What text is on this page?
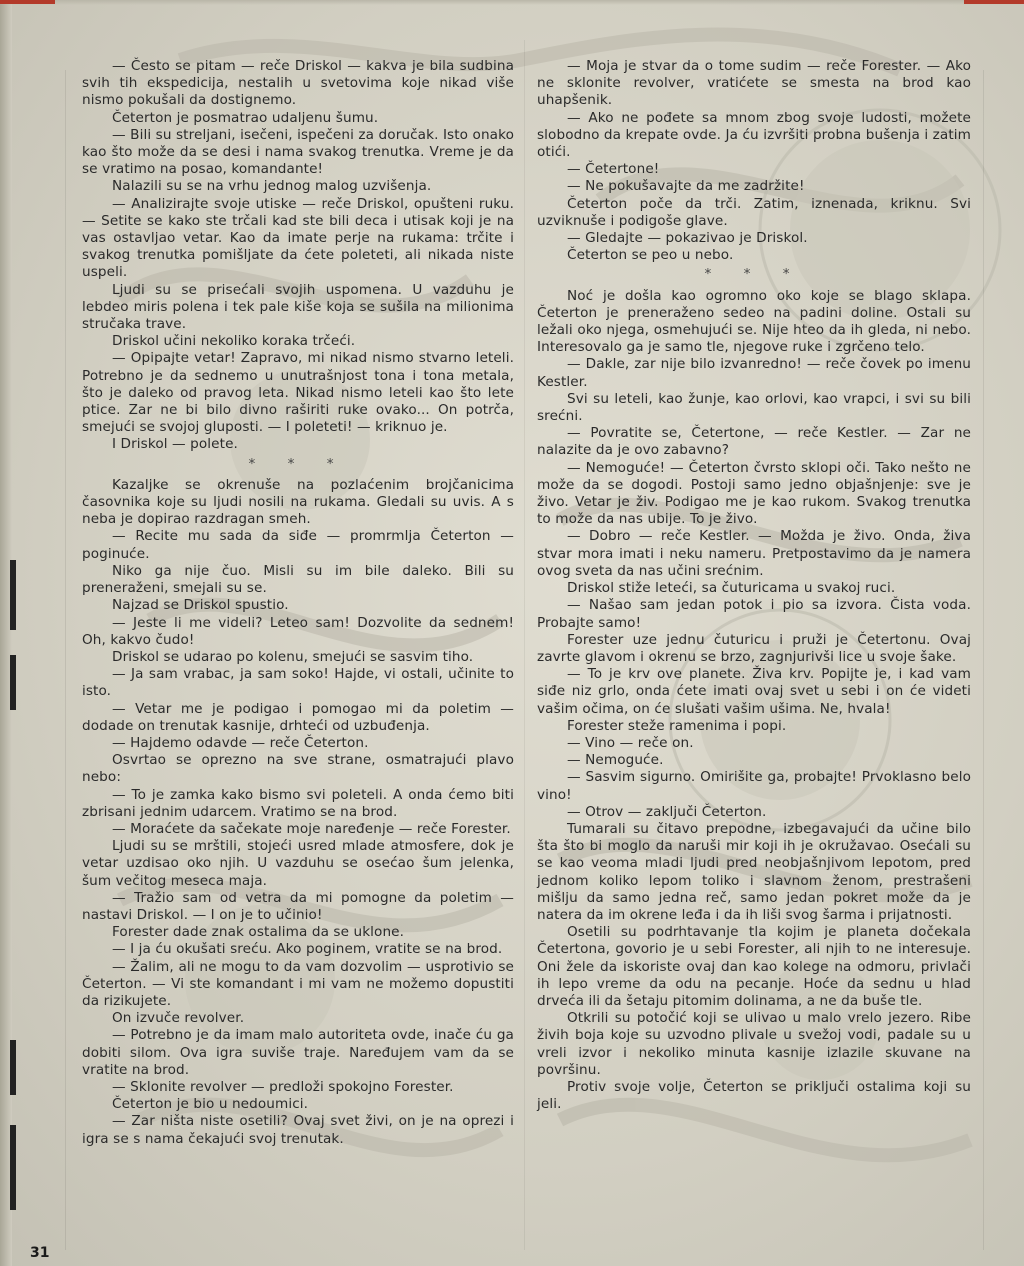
— Često se pitam — reče Driskol — kakva je bila sudbina svih tih ekspedicija, nestalih u svetovima koje nikad više nismo pokušali da dostignemo.

Četerton je posmatrao udaljenu šumu.

— Bili su streljani, isečeni, ispečeni za doručak. Isto onako kao što može da se desi i nama svakog trenutka. Vreme je da se vratimo na posao, komandante!

Nalazili su se na vrhu jednog malog uzvišenja.

— Analizirajte svoje utiske — reče Driskol, opušteni ruku. — Setite se kako ste trčali kad ste bili deca i utisak koji je na vas ostavljao vetar. Kao da imate perje na rukama: trčite i svakog trenutka pomišljate da ćete poleteti, ali nikada niste uspeli.

Ljudi su se prisećali svojih uspomena. U vazduhu je lebdeo miris polena i tek pale kiše koja se sušila na milionima stručaka trave.

Driskol učini nekoliko koraka trčeći.

— Opipajte vetar! Zapravo, mi nikad nismo stvarno leteli. Potrebno je da sednemo u unutrašnjost tona i tona metala, što je daleko od pravog leta. Nikad nismo leteli kao što lete ptice. Zar ne bi bilo divno raširiti ruke ovako... On potrča, smejući se svojoj gluposti. — I poleteti! — kriknuo je.

I Driskol — polete.

* * *

Kazaljke se okrenuše na pozlaćenim brojčanicima časovnika koje su ljudi nosili na rukama. Gledali su uvis. A s neba je dopirao razdragan smeh.

— Recite mu sada da siđe — promrmlja Četerton — poginuće.

Niko ga nije čuo. Misli su im bile daleko. Bili su preneraženi, smejali su se.

Najzad se Driskol spustio.

— Jeste li me videli? Leteo sam! Dozvolite da sednem! Oh, kakvo čudo!

Driskol se udarao po kolenu, smejući se sasvim tiho.

— Ja sam vrabac, ja sam soko! Hajde, vi ostali, učinite to isto.

— Vetar me je podigao i pomogao mi da poletim — dodade on trenutak kasnije, drhteći od uzbuđenja.

— Hajdemo odavde — reče Četerton.

Osvrtao se oprezno na sve strane, osmatrajući plavo nebo:

— To je zamka kako bismo svi poleteli. A onda ćemo biti zbrisani jednim udarcem. Vratimo se na brod.

— Moraćete da sačekate moje naređenje — reče Forester.

Ljudi su se mrštili, stojeći usred mlade atmosfere, dok je vetar uzdisao oko njih. U vazduhu se osećao šum jelenka, šum večitog meseca maja.

— Tražio sam od vetra da mi pomogne da poletim — nastavi Driskol. — I on je to učinio!

Forester dade znak ostalima da se uklone.

— I ja ću okušati sreću. Ako poginem, vratite se na brod.

— Žalim, ali ne mogu to da vam dozvolim — usprotivio se Četerton. — Vi ste komandant i mi vam ne možemo dopustiti da rizikujete.

On izvuče revolver.

— Potrebno je da imam malo autoriteta ovde, inače ću ga dobiti silom. Ova igra suviše traje. Naređujem vam da se vratite na brod.

— Sklonite revolver — predloži spokojno Forester.

Četerton je bio u nedoumici.

— Zar ništa niste osetili? Ovaj svet živi, on je na oprezi i igra se s nama čekajući svoj trenutak.

— Moja je stvar da o tome sudim — reče Forester. — Ako ne sklonite revolver, vratićete se smesta na brod kao uhapšenik.

— Ako ne pođete sa mnom zbog svoje ludosti, možete slobodno da krepate ovde. Ja ću izvršiti probna bušenja i zatim otići.

— Četertone!

— Ne pokušavajte da me zadržite!

Četerton poče da trči. Zatim, iznenada, kriknu. Svi uzviknuše i podigoše glave.

— Gledajte — pokazivao je Driskol.

Četerton se peo u nebo.

* * *

Noć je došla kao ogromno oko koje se blago sklapa. Četerton je preneraženo sedeo na padini doline. Ostali su ležali oko njega, osmehujući se. Nije hteo da ih gleda, ni nebo. Interesovalo ga je samo tle, njegove ruke i zgrčeno telo.

— Dakle, zar nije bilo izvanredno! — reče čovek po imenu Kestler.

Svi su leteli, kao žunje, kao orlovi, kao vrapci, i svi su bili srećni.

— Povratite se, Četertone, — reče Kestler. — Zar ne nalazite da je ovo zabavno?

— Nemoguće! — Četerton čvrsto sklopi oči. Tako nešto ne može da se dogodi. Postoji samo jedno objašnjenje: sve je živo. Vetar je živ. Podigao me je kao rukom. Svakog trenutka to može da nas ubije. To je živo.

— Dobro — reče Kestler. — Možda je živo. Onda, živa stvar mora imati i neku nameru. Pretpostavimo da je namera ovog sveta da nas učini srećnim.

Driskol stiže leteći, sa čuturicama u svakoj ruci.

— Našao sam jedan potok i pio sa izvora. Čista voda. Probajte samo!

Forester uze jednu čuturicu i pruži je Četertonu. Ovaj zavrte glavom i okrenu se brzo, zagnjurivši lice u svoje šake.

— To je krv ove planete. Živa krv. Popijte je, i kad vam siđe niz grlo, onda ćete imati ovaj svet u sebi i on će videti vašim očima, on će slušati vašim ušima. Ne, hvala!

Forester steže ramenima i popi.

— Vino — reče on.

— Nemoguće.

— Sasvim sigurno. Omirišite ga, probajte! Prvoklasno belo vino!

— Otrov — zaključi Četerton.

Tumarali su čitavo prepodne, izbegavajući da učine bilo šta što bi moglo da naruši mir koji ih je okružavao. Osećali su se kao veoma mladi ljudi pred neobjašnjivom lepotom, pred jednom koliko lepom toliko i slavnom ženom, prestrašeni mišlju da samo jedna reč, samo jedan pokret može da je natera da im okrene leđa i da ih liši svog šarma i prijatnosti.

Osetili su podrhtavanje tla kojim je planeta dočekala Četertona, govorio je u sebi Forester, ali njih to ne interesuje. Oni žele da iskoriste ovaj dan kao kolege na odmoru, privlači ih lepo vreme da odu na pecanje. Hoće da sednu u hlad drveća ili da šetaju pitomim dolinama, a ne da buše tle.

Otkrili su potočić koji se ulivao u malo vrelo jezero. Ribe živih boja koje su uzvodno plivale u svežoj vodi, padale su u vreli izvor i nekoliko minuta kasnije izlazile skuvane na površinu.

Protiv svoje volje, Četerton se priključi ostalima koji su jeli.

31
